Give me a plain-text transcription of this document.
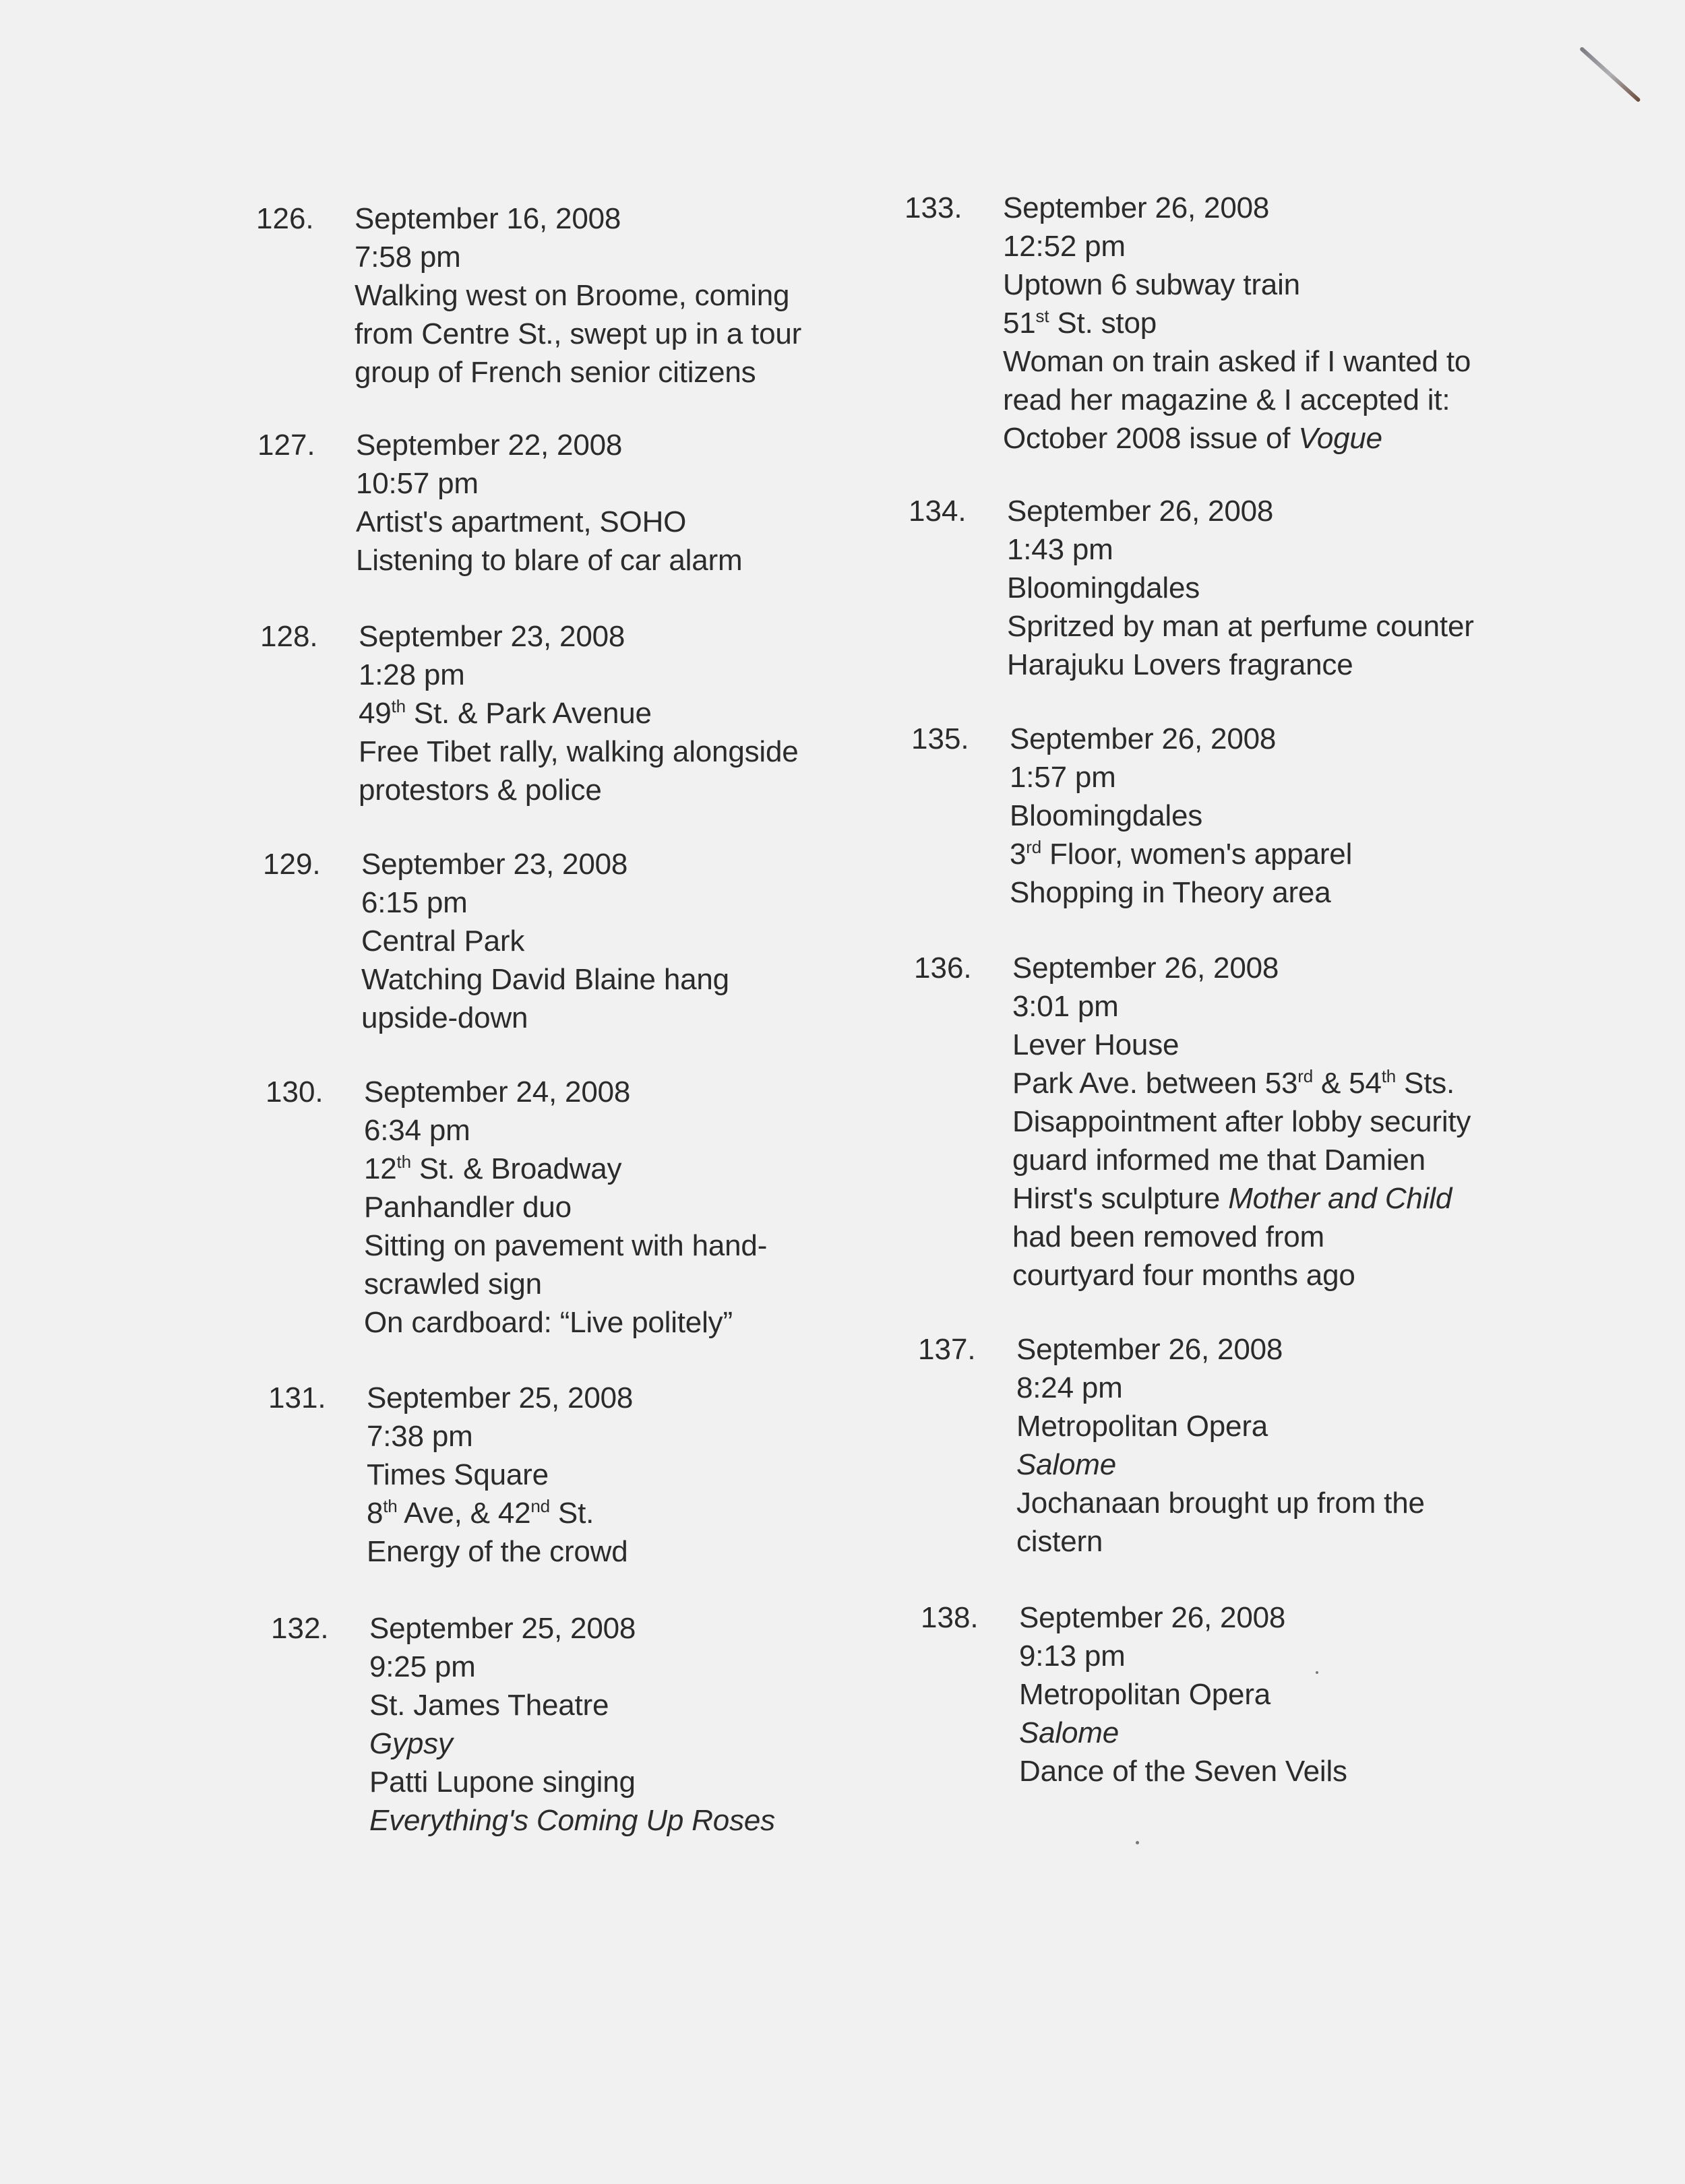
126. September 16, 2008
7:58 pm
Walking west on Broome, coming
from Centre St., swept up in a tour
group of French senior citizens
127. September 22, 2008
10:57 pm
Artist's apartment, SOHO
Listening to blare of car alarm
128. September 23, 2008
1:28 pm
49th St. & Park Avenue
Free Tibet rally, walking alongside
protestors & police
129. September 23, 2008
6:15 pm
Central Park
Watching David Blaine hang
upside-down
130. September 24, 2008
6:34 pm
12th St. & Broadway
Panhandler duo
Sitting on pavement with hand-
scrawled sign
On cardboard: “Live politely”
131. September 25, 2008
7:38 pm
Times Square
8th Ave, & 42nd St.
Energy of the crowd
132. September 25, 2008
9:25 pm
St. James Theatre
Gypsy
Patti Lupone singing
Everything's Coming Up Roses
133. September 26, 2008
12:52 pm
Uptown 6 subway train
51st St. stop
Woman on train asked if I wanted to
read her magazine & I accepted it:
October 2008 issue of Vogue
134. September 26, 2008
1:43 pm
Bloomingdales
Spritzed by man at perfume counter
Harajuku Lovers fragrance
135. September 26, 2008
1:57 pm
Bloomingdales
3rd Floor, women's apparel
Shopping in Theory area
136. September 26, 2008
3:01 pm
Lever House
Park Ave. between 53rd & 54th Sts.
Disappointment after lobby security
guard informed me that Damien
Hirst's sculpture Mother and Child
had been removed from
courtyard four months ago
137. September 26, 2008
8:24 pm
Metropolitan Opera
Salome
Jochanaan brought up from the
cistern
138. September 26, 2008
9:13 pm
Metropolitan Opera
Salome
Dance of the Seven Veils
